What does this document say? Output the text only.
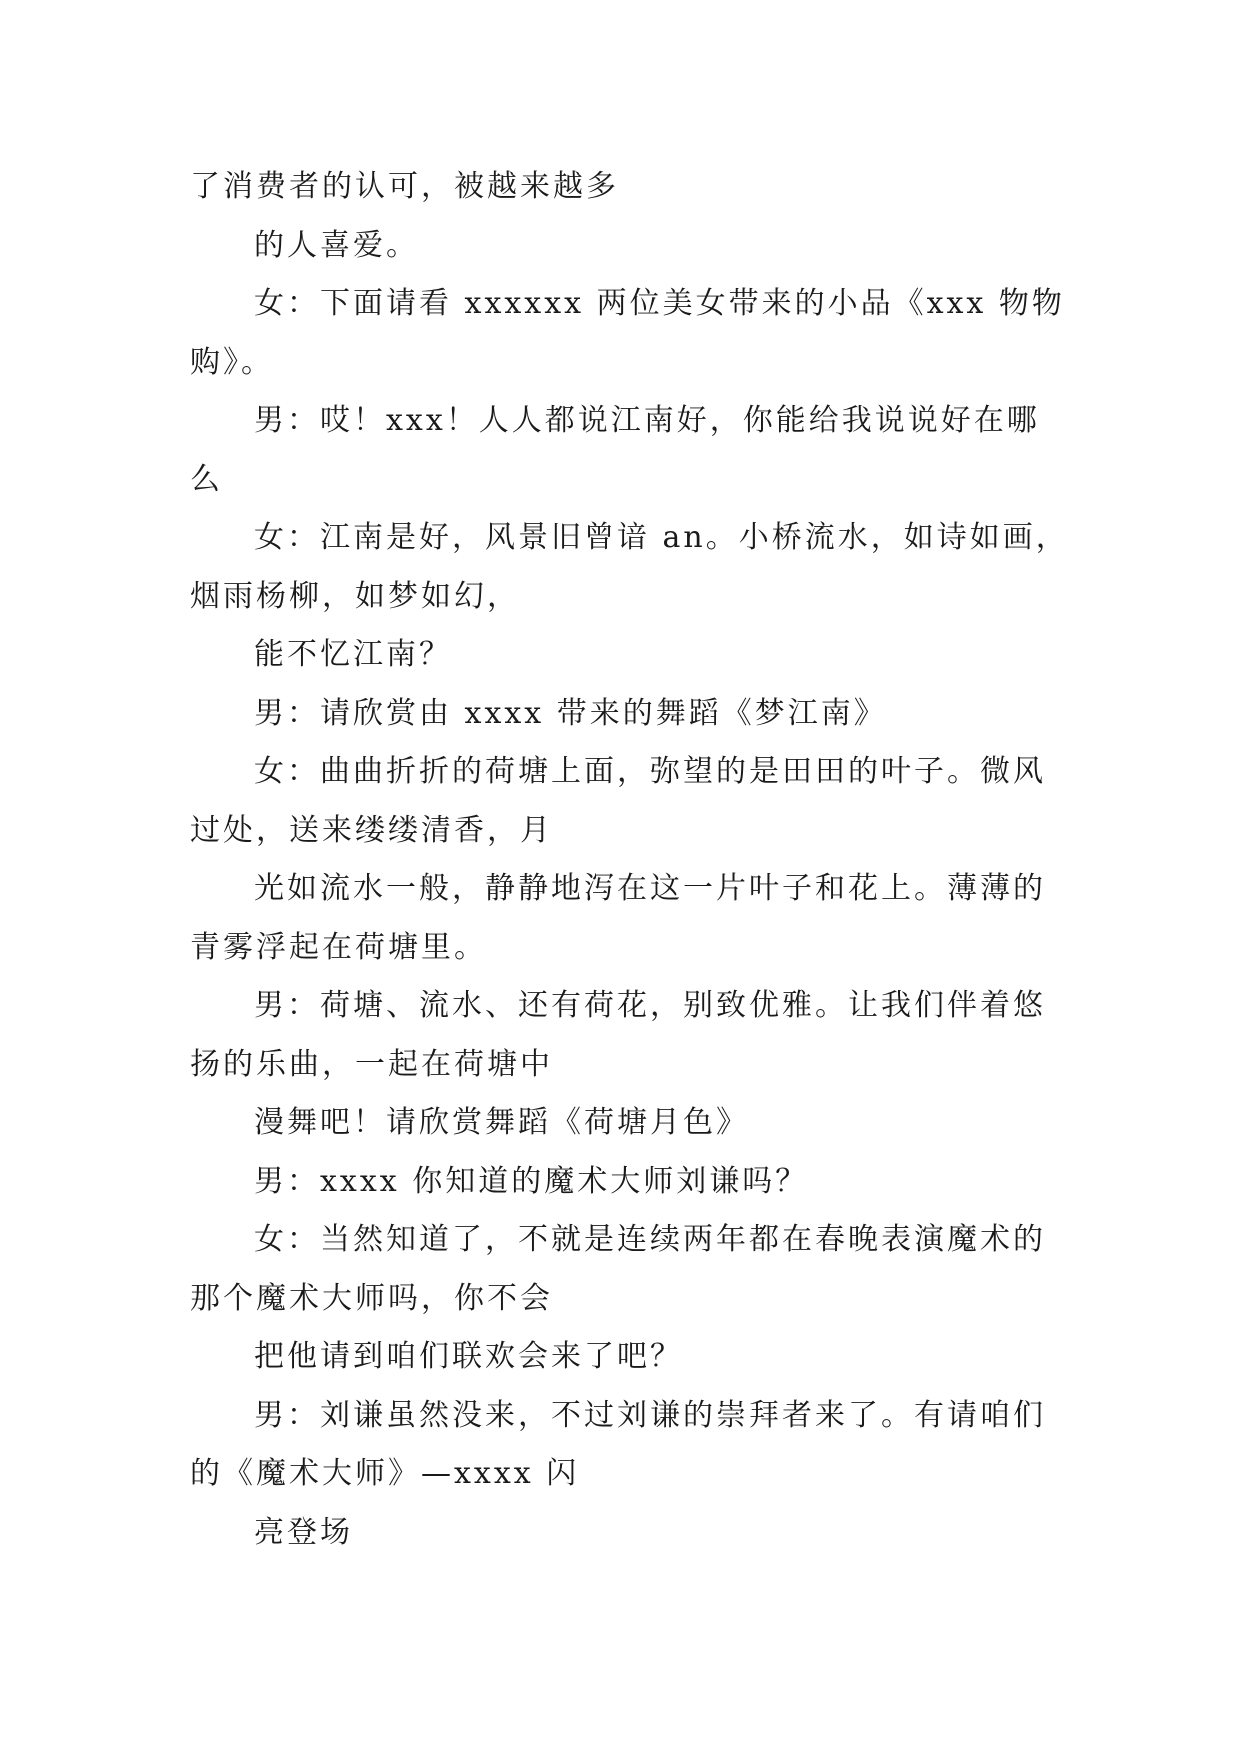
了消费者的认可，被越来越多
的人喜爱。
女：下面请看 xxxxxx 两位美女带来的小品《xxx 物物
购》。
男：哎！xxx！人人都说江南好，你能给我说说好在哪
么
女：江南是好，风景旧曾谙 an。小桥流水，如诗如画，
烟雨杨柳，如梦如幻，
能不忆江南？
男：请欣赏由 xxxx 带来的舞蹈《梦江南》
女：曲曲折折的荷塘上面，弥望的是田田的叶子。微风
过处，送来缕缕清香，月
光如流水一般，静静地泻在这一片叶子和花上。薄薄的
青雾浮起在荷塘里。
男：荷塘、流水、还有荷花，别致优雅。让我们伴着悠
扬的乐曲，一起在荷塘中
漫舞吧！请欣赏舞蹈《荷塘月色》
男：xxxx 你知道的魔术大师刘谦吗？
女：当然知道了，不就是连续两年都在春晚表演魔术的
那个魔术大师吗，你不会
把他请到咱们联欢会来了吧？
男：刘谦虽然没来，不过刘谦的崇拜者来了。有请咱们
的《魔术大师》—xxxx 闪
亮登场
